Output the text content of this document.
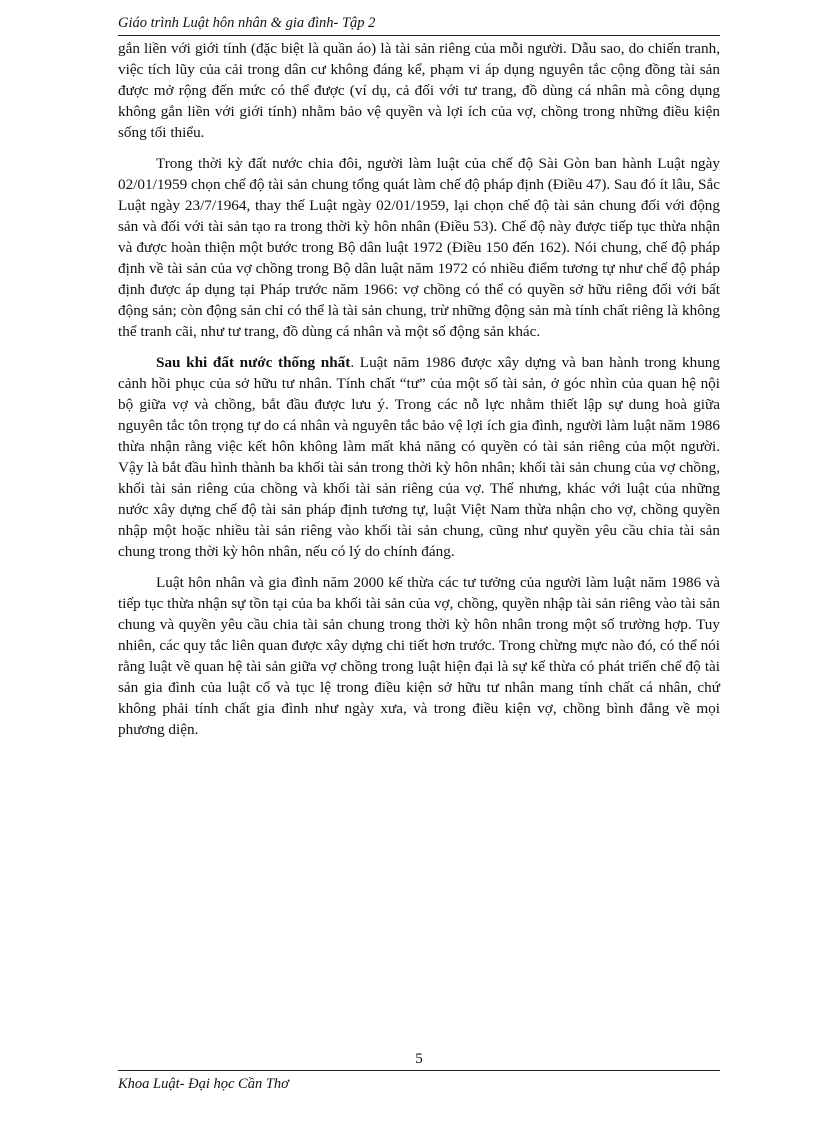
Giáo trình Luật hôn nhân & gia đình- Tập 2

gắn liền với giới tính (đặc biệt là quần áo) là tài sản riêng của mỗi người. Dẫu sao, do chiến tranh, việc tích lũy của cải trong dân cư không đáng kể, phạm vi áp dụng nguyên tắc cộng đồng tài sản được mở rộng đến mức có thể được (ví dụ, cả đối với tư trang, đồ dùng cá nhân mà công dụng không gắn liền với giới tính) nhằm bảo vệ quyền và lợi ích của vợ, chồng trong những điều kiện sống tối thiểu.

Trong thời kỳ đất nước chia đôi, người làm luật của chế độ Sài Gòn ban hành Luật ngày 02/01/1959 chọn chế độ tài sản chung tổng quát làm chế độ pháp định (Điều 47). Sau đó ít lâu, Sắc Luật ngày 23/7/1964, thay thế Luật ngày 02/01/1959, lại chọn chế độ tài sản chung đối với động sản và đối với tài sản tạo ra trong thời kỳ hôn nhân (Điều 53). Chế độ này được tiếp tục thừa nhận và được hoàn thiện một bước trong Bộ dân luật 1972 (Điều 150 đến 162). Nói chung, chế độ pháp định về tài sản của vợ chồng trong Bộ dân luật năm 1972 có nhiều điểm tương tự như chế độ pháp định được áp dụng tại Pháp trước năm 1966: vợ chồng có thể có quyền sở hữu riêng đối với bất động sản; còn động sản chỉ có thể là tài sản chung, trừ những động sản mà tính chất riêng là không thể tranh cãi, như tư trang, đồ dùng cá nhân và một số động sản khác.

Sau khi đất nước thống nhất. Luật năm 1986 được xây dựng và ban hành trong khung cảnh hồi phục của sở hữu tư nhân. Tính chất “tư” của một số tài sản, ở góc nhìn của quan hệ nội bộ giữa vợ và chồng, bắt đầu được lưu ý. Trong các nỗ lực nhằm thiết lập sự dung hoà giữa nguyên tắc tôn trọng tự do cá nhân và nguyên tắc bảo vệ lợi ích gia đình, người làm luật năm 1986 thừa nhận rằng việc kết hôn không làm mất khả năng có quyền có tài sản riêng của một người. Vậy là bắt đầu hình thành ba khối tài sản trong thời kỳ hôn nhân; khối tài sản chung của vợ chồng, khối tài sản riêng của chồng và khối tài sản riêng của vợ. Thế nhưng, khác với luật của những nước xây dựng chế độ tài sản pháp định tương tự, luật Việt Nam thừa nhận cho vợ, chồng quyền nhập một hoặc nhiều tài sản riêng vào khối tài sản chung, cũng như quyền yêu cầu chia tài sản chung trong thời kỳ hôn nhân, nếu có lý do chính đáng.

Luật hôn nhân và gia đình năm 2000 kế thừa các tư tưởng của người làm luật năm 1986 và tiếp tục thừa nhận sự tồn tại của ba khối tài sản của vợ, chồng, quyền nhập tài sản riêng vào tài sản chung và quyền yêu cầu chia tài sản chung trong thời kỳ hôn nhân trong một số trường hợp. Tuy nhiên, các quy tắc liên quan được xây dựng chi tiết hơn trước. Trong chừng mực nào đó, có thể nói rằng luật về quan hệ tài sản giữa vợ chồng trong luật hiện đại là sự kế thừa có phát triển chế độ tài sản gia đình của luật cổ và tục lệ trong điều kiện sở hữu tư nhân mang tính chất cá nhân, chứ không phải tính chất gia đình như ngày xưa, và trong điều kiện vợ, chồng bình đẳng về mọi phương diện.

5
Khoa Luật- Đại học Cần Thơ
